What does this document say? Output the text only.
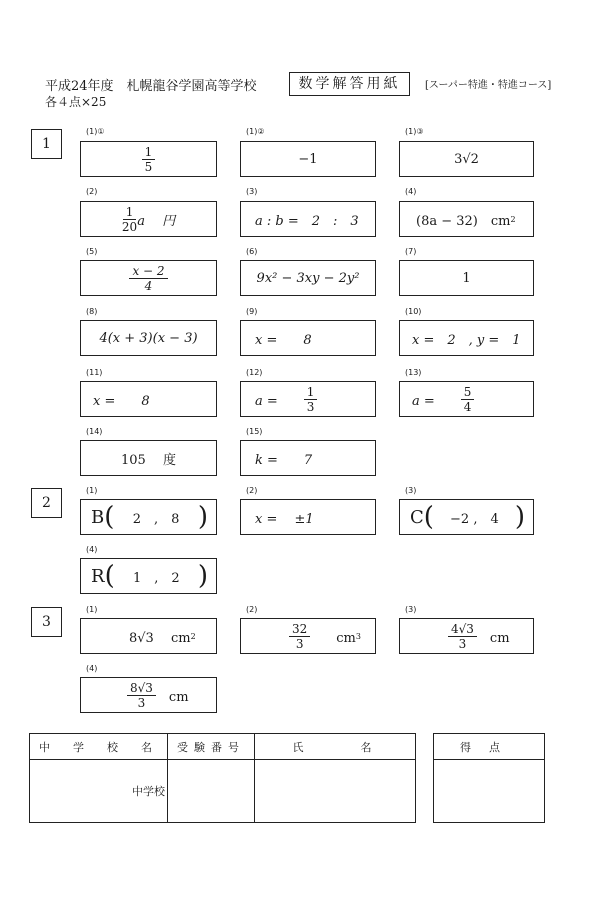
平成24年度　札幌龍谷学園高等学校
各４点×25
数学解答用紙	[スーパー特進・特進コース]
1
(1)①
$\frac{1}{5}$
(1)②
−1
(1)③
3√2
(2)
$\frac{1}{20}$ a　 円
(3)
a : b =　2　:　3
(4)
(8a − 32)　cm 2
(5)
$\frac{x - 2}{4}$
(6)
9x² − 3xy − 2y²
(7)
1
(8)
4(x + 3)(x − 3)
(9)
x =　　8
(10)
x =　2　, y =　1
(11)
x =　　8
(12)
a =　　 $\frac{1}{3}$
(13)
a =　　 $\frac{5}{4}$
(14)
105　 度
(15)
k =　　7
2
(1)
B (	2　,　8 )
(2)
x =　 ±1
(3)
C (	−2 ,　4 )
(4)
R (	1　,　2 )
3
(1)
8√3　 cm 2
(2)
$\frac{32}{3}$ 　　cm 3
(3)
$\frac{4√3}{3}$ 　cm
(4)
$\frac{8√3}{3}$ 　cm
中　学　校　名	受験番号	氏　　　名
中学校		
得点
